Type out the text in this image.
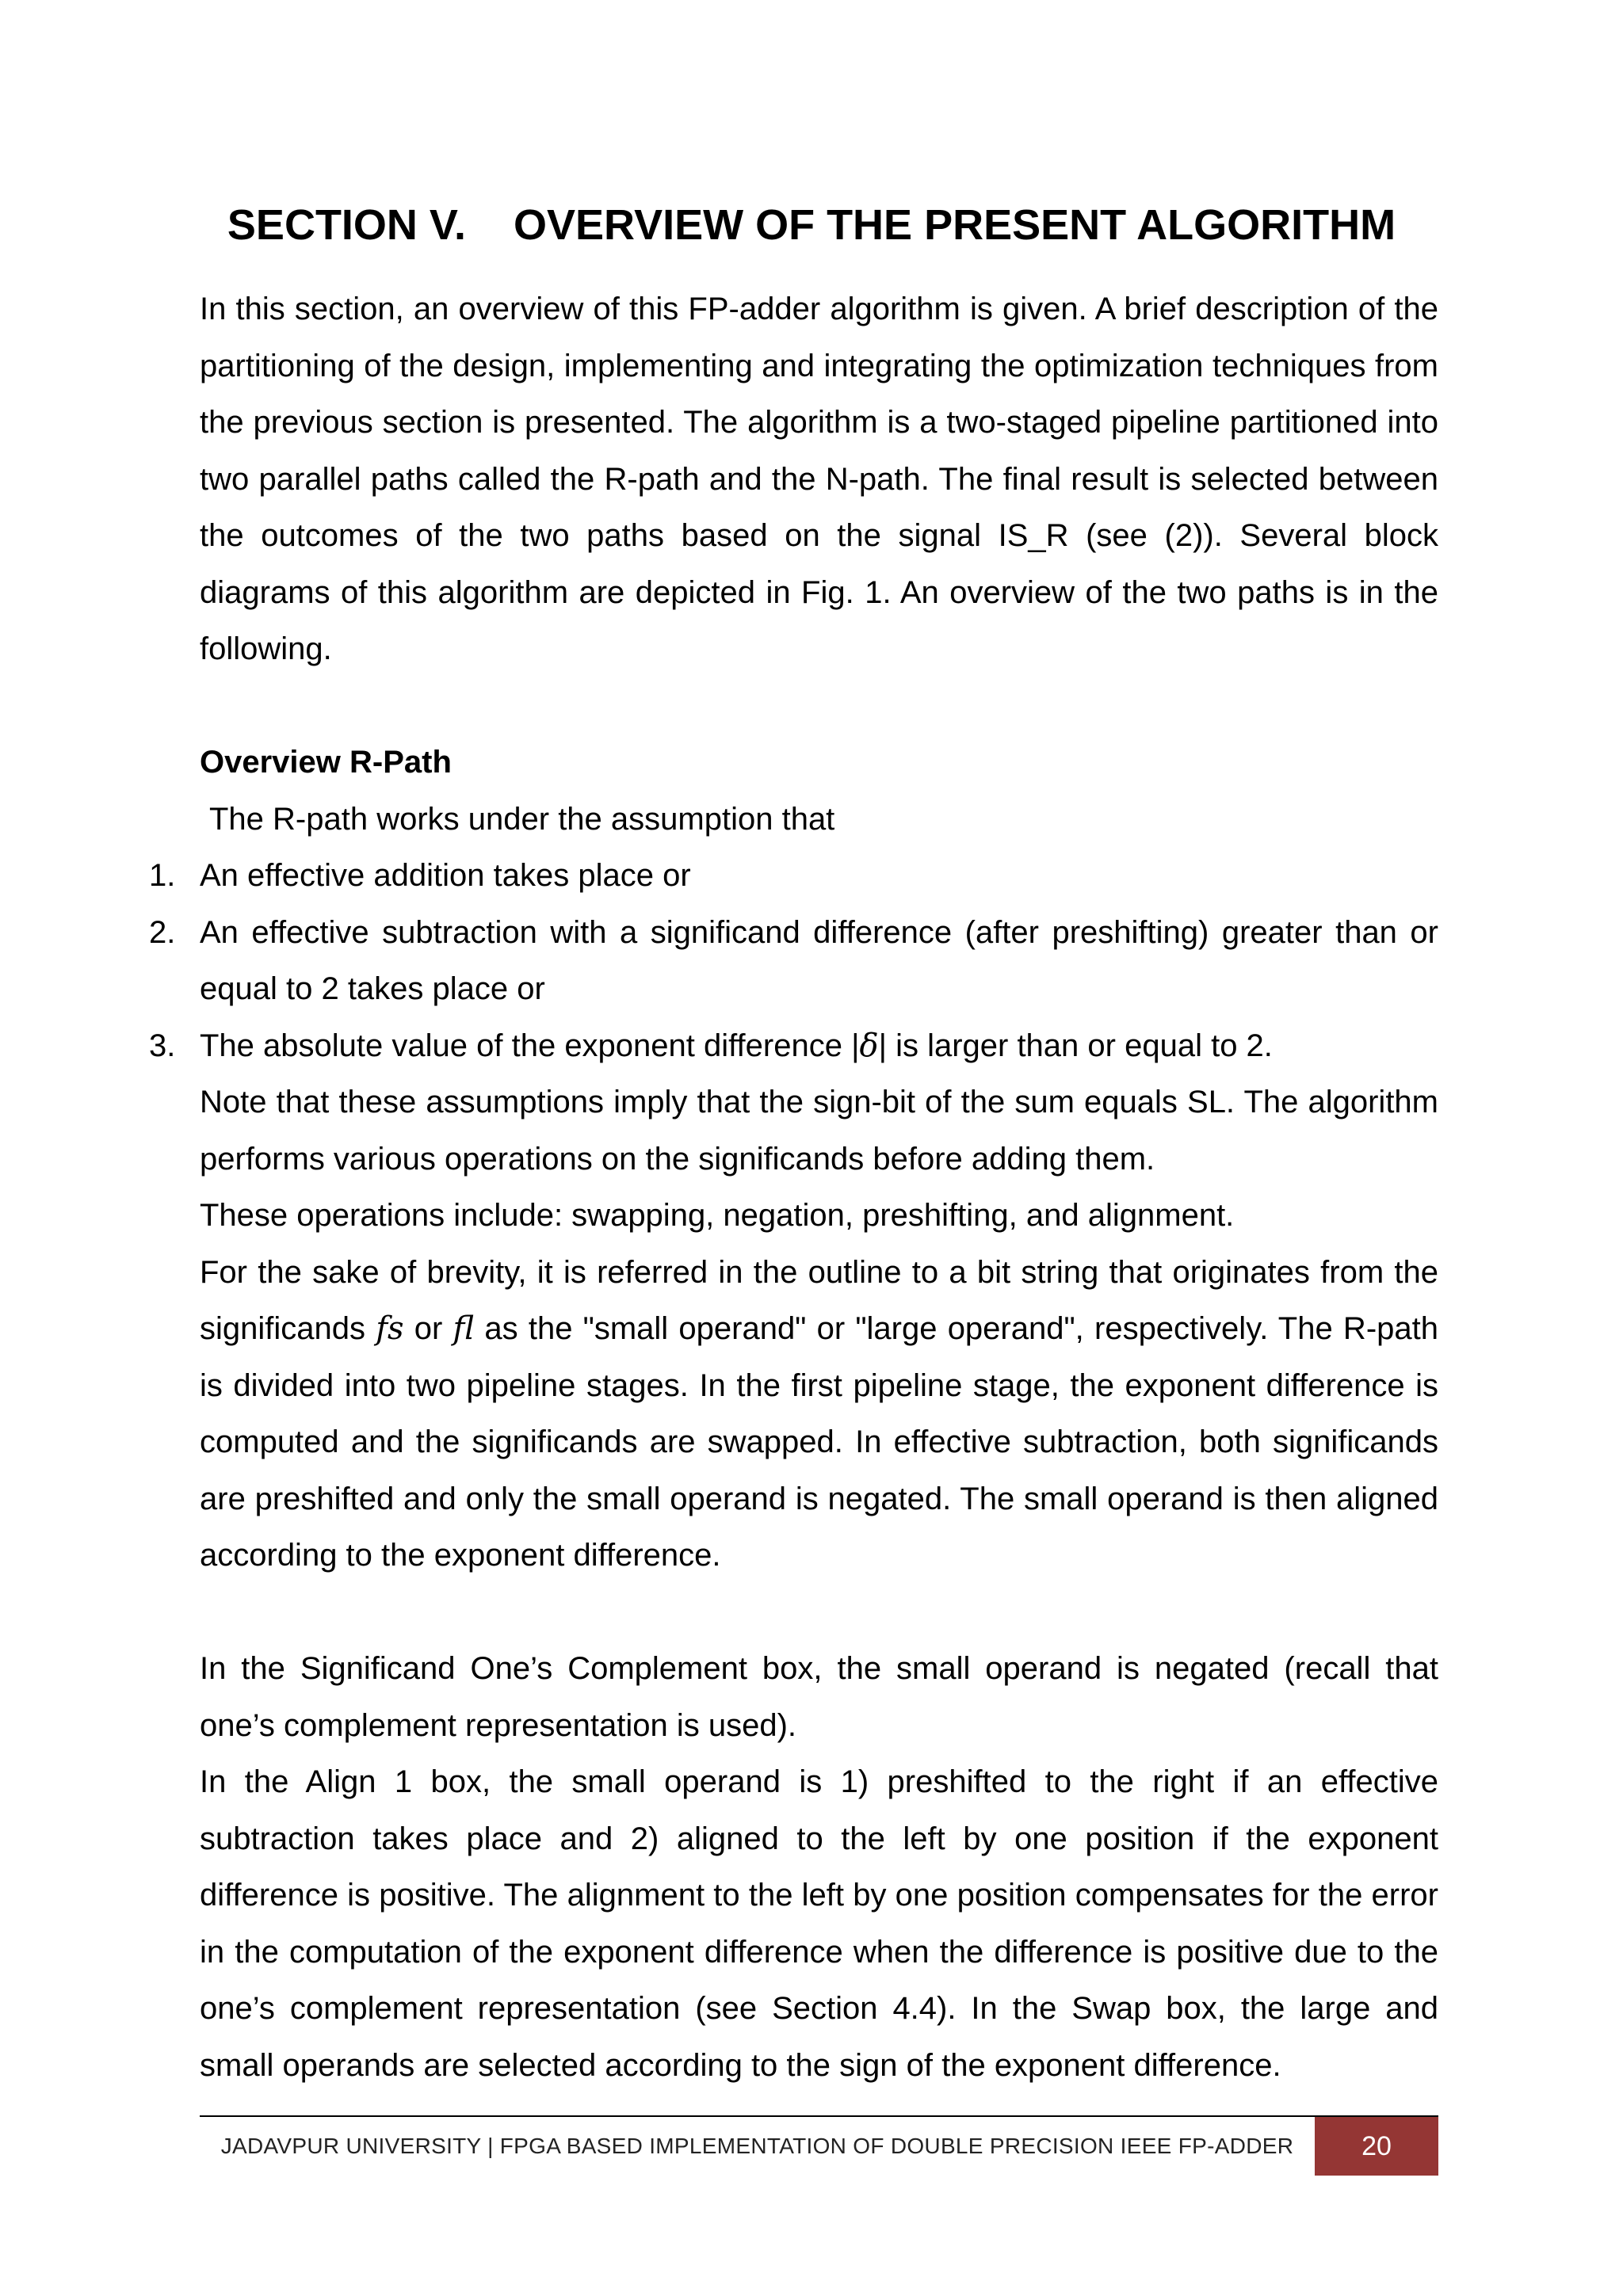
SECTION V.    OVERVIEW OF THE PRESENT ALGORITHM

In this section, an overview of this FP-adder algorithm is given. A brief description of the partitioning of the design, implementing and integrating the optimization techniques from the previous section is presented. The algorithm is a two-staged pipeline partitioned into two parallel paths called the R-path and the N-path. The final result is selected between the outcomes of the two paths based on the signal IS_R (see (2)). Several block diagrams of this algorithm are depicted in Fig. 1. An overview of the two paths is in the following.

Overview R-Path

The R-path works under the assumption that

1. An effective addition takes place or
2. An effective subtraction with a significand difference (after preshifting) greater than or equal to 2 takes place or
3. The absolute value of the exponent difference |δ| is larger than or equal to 2.

Note that these assumptions imply that the sign-bit of the sum equals SL. The algorithm performs various operations on the significands before adding them.

These operations include: swapping, negation, preshifting, and alignment.

For the sake of brevity, it is referred in the outline to a bit string that originates from the significands fs or fl as the "small operand" or "large operand", respectively. The R-path is divided into two pipeline stages. In the first pipeline stage, the exponent difference is computed and the significands are swapped. In effective subtraction, both significands are preshifted and only the small operand is negated. The small operand is then aligned according to the exponent difference.

In the Significand One’s Complement box, the small operand is negated (recall that one’s complement representation is used).

In the Align 1 box, the small operand is 1) preshifted to the right if an effective subtraction takes place and 2) aligned to the left by one position if the exponent difference is positive. The alignment to the left by one position compensates for the error in the computation of the exponent difference when the difference is positive due to the one’s complement representation (see Section 4.4). In the Swap box, the large and small operands are selected according to the sign of the exponent difference.

JADAVPUR UNIVERSITY | FPGA BASED IMPLEMENTATION OF DOUBLE PRECISION IEEE FP-ADDER	20
